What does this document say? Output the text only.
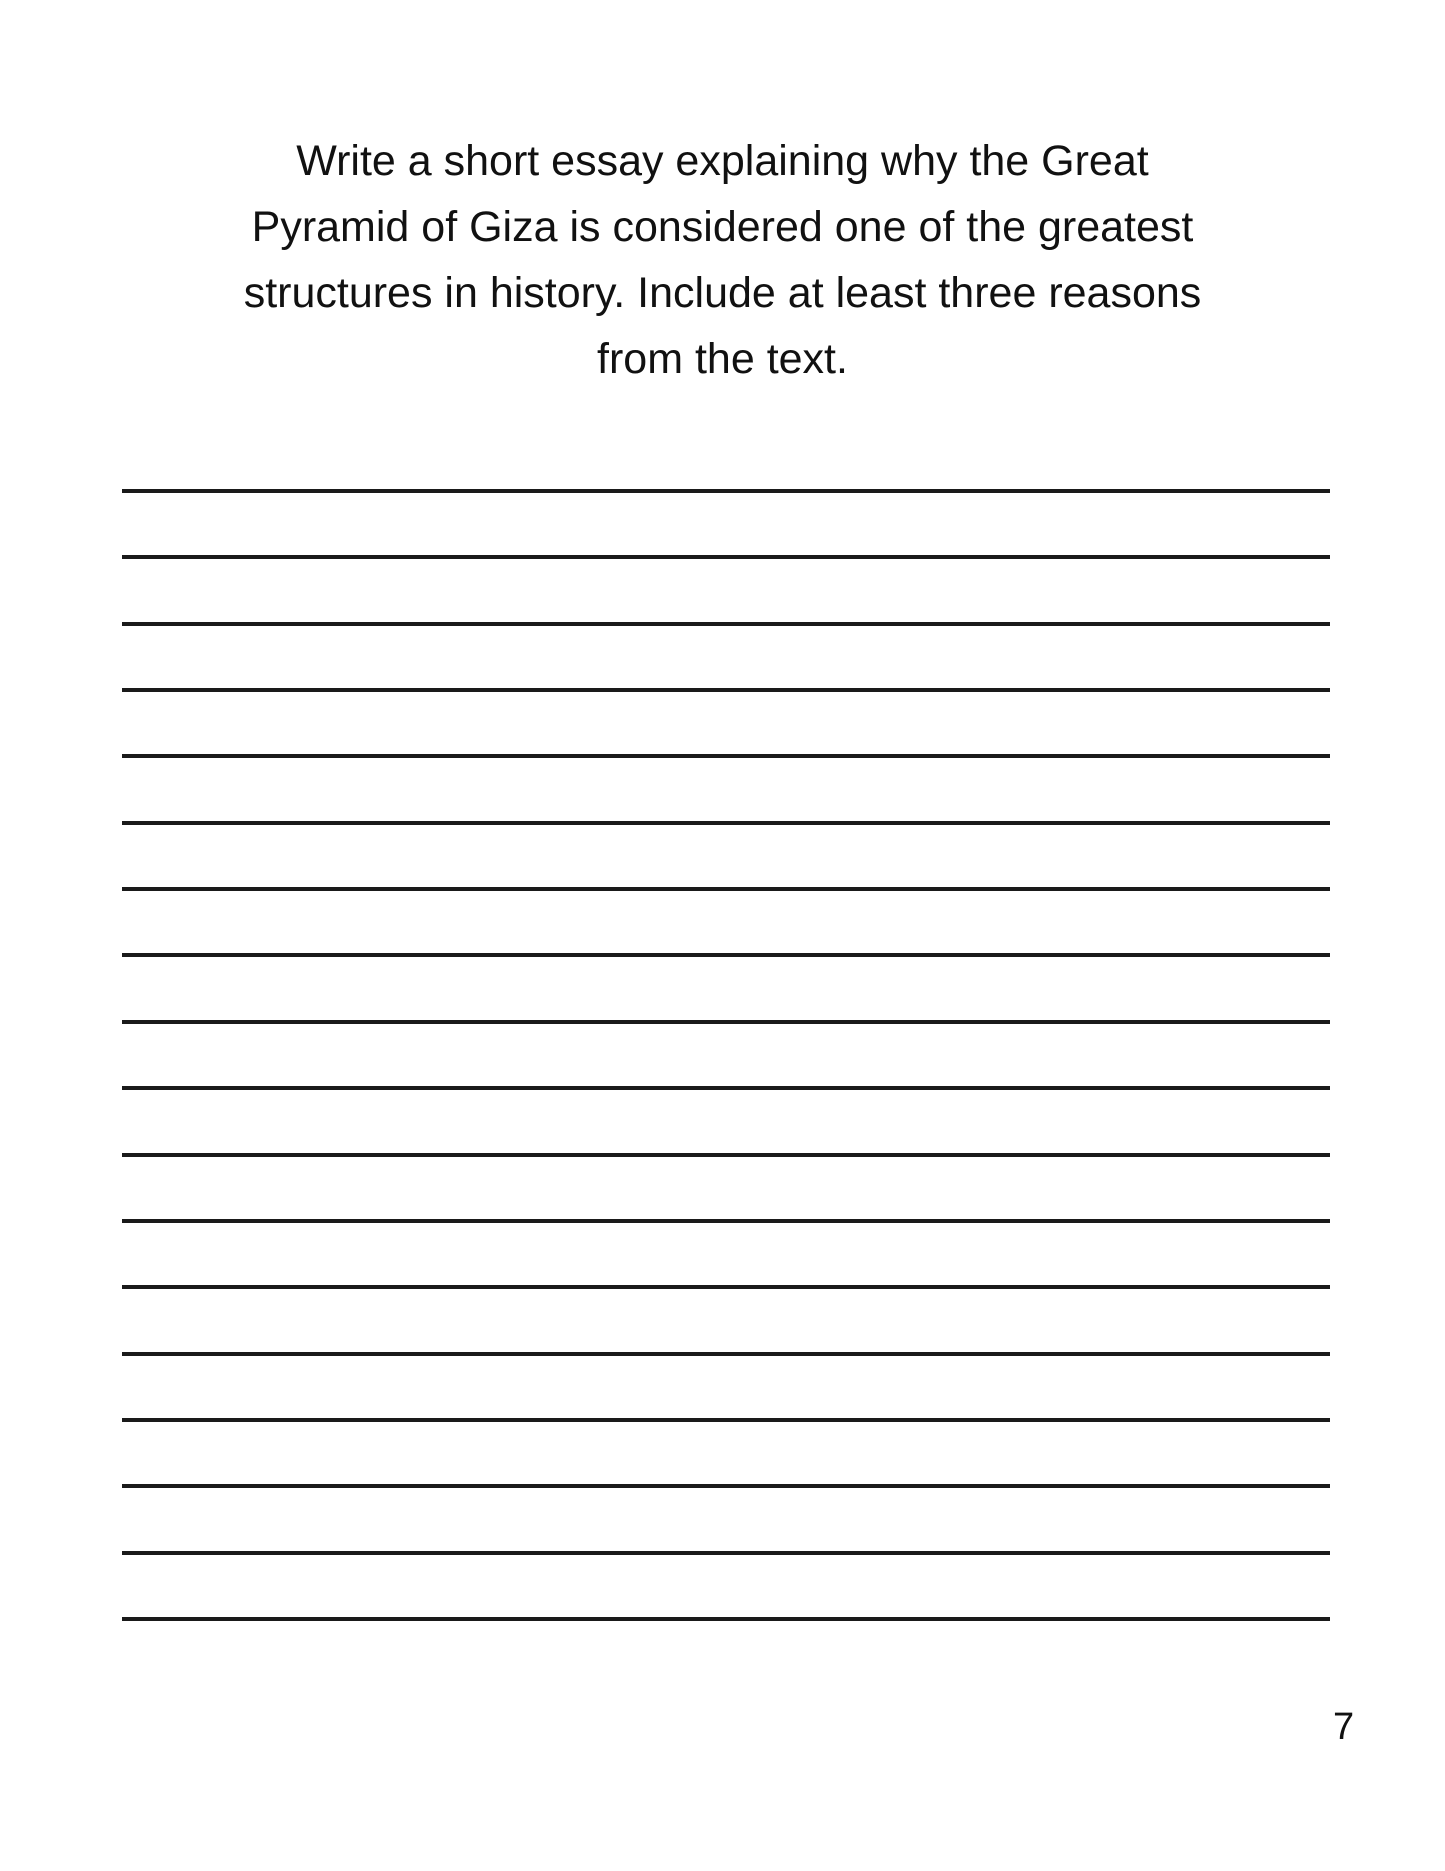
Write a short essay explaining why the Great
Pyramid of Giza is considered one of the greatest
structures in history. Include at least three reasons
from the text.
7
